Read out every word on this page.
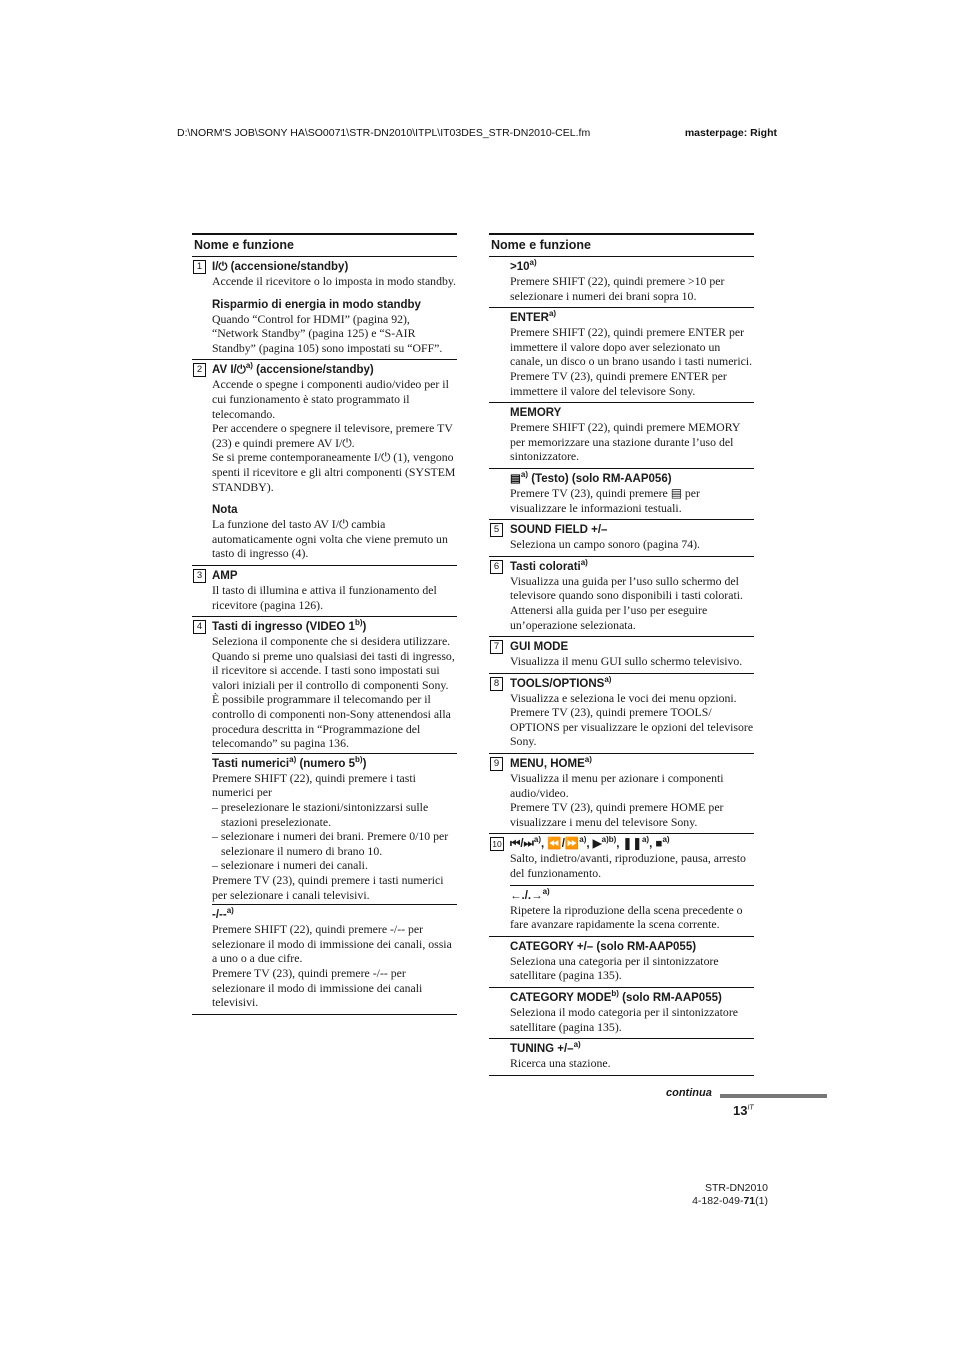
D:\NORM'S JOB\SONY HA\SO0071\STR-DN2010\ITPL\IT03DES_STR-DN2010-CEL.fm	masterpage: Right
Nome e funzione
1 I/⏻ (accensione/standby)
Accende il ricevitore o lo imposta in modo standby.
Risparmio di energia in modo standby
Quando “Control for HDMI” (pagina 92), “Network Standby” (pagina 125) e “S-AIR Standby” (pagina 105) sono impostati su “OFF”.
2 AV I/⏻$^{a)}$ (accensione/standby)
Accende o spegne i componenti audio/video per il cui funzionamento è stato programmato il telecomando.
Per accendere o spegnere il televisore, premere TV (23) e quindi premere AV I/⏻.
Se si preme contemporaneamente I/⏻ (1), vengono spenti il ricevitore e gli altri componenti (SYSTEM STANDBY).
Nota
La funzione del tasto AV I/⏻ cambia automaticamente ogni volta che viene premuto un tasto di ingresso (4).
3 AMP
Il tasto di illumina e attiva il funzionamento del ricevitore (pagina 126).
4 Tasti di ingresso (VIDEO 1$^{b)}$)
Seleziona il componente che si desidera utilizzare. Quando si preme uno qualsiasi dei tasti di ingresso, il ricevitore si accende. I tasti sono impostati sui valori iniziali per il controllo di componenti Sony. È possibile programmare il telecomando per il controllo di componenti non-Sony attenendosi alla procedura descritta in “Programmazione del telecomando” su pagina 136.
Tasti numerici$^{a)}$ (numero 5$^{b)}$)
Premere SHIFT (22), quindi premere i tasti numerici per
– preselezionare le stazioni/sintonizzarsi sulle stazioni preselezionate.
– selezionare i numeri dei brani. Premere 0/10 per selezionare il numero di brano 10.
– selezionare i numeri dei canali.
Premere TV (23), quindi premere i tasti numerici per selezionare i canali televisivi.
-/--$^{a)}$
Premere SHIFT (22), quindi premere -/-- per selezionare il modo di immissione dei canali, ossia a uno o a due cifre.
Premere TV (23), quindi premere -/-- per selezionare il modo di immissione dei canali televisivi.
Nome e funzione
$>10^{a)}$
Premere SHIFT (22), quindi premere >10 per selezionare i numeri dei brani sopra 10.
ENTER$^{a)}$
Premere SHIFT (22), quindi premere ENTER per immettere il valore dopo aver selezionato un canale, un disco o un brano usando i tasti numerici.
Premere TV (23), quindi premere ENTER per immettere il valore del televisore Sony.
MEMORY
Premere SHIFT (22), quindi premere MEMORY per memorizzare una stazione durante l’uso del sintonizzatore.
▤$^{a)}$ (Testo) (solo RM-AAP056)
Premere TV (23), quindi premere ▤ per visualizzare le informazioni testuali.
5 SOUND FIELD +/–
Seleziona un campo sonoro (pagina 74).
6 Tasti colorati$^{a)}$
Visualizza una guida per l’uso sullo schermo del televisore quando sono disponibili i tasti colorati. Attenersi alla guida per l’uso per eseguire un’operazione selezionata.
7 GUI MODE
Visualizza il menu GUI sullo schermo televisivo.
8 TOOLS/OPTIONS$^{a)}$
Visualizza e seleziona le voci dei menu opzioni.
Premere TV (23), quindi premere TOOLS/ OPTIONS per visualizzare le opzioni del televisore Sony.
9 MENU, HOME$^{a)}$
Visualizza il menu per azionare i componenti audio/video.
Premere TV (23), quindi premere HOME per visualizzare i menu del televisore Sony.
10 ⏮/⏭$^{a)}$, ⏪/⏩$^{a)}$, ▶$^{a)b)}$, ❚❚$^{a)}$, ■$^{a)}$
Salto, indietro/avanti, riproduzione, pausa, arresto del funzionamento.
←./.→$^{a)}$
Ripetere la riproduzione della scena precedente o fare avanzare rapidamente la scena corrente.
CATEGORY +/– (solo RM-AAP055)
Seleziona una categoria per il sintonizzatore satellitare (pagina 135).
CATEGORY MODE$^{b)}$ (solo RM-AAP055)
Seleziona il modo categoria per il sintonizzatore satellitare (pagina 135).
TUNING +/–$^{a)}$
Ricerca una stazione.
continua
$13^{IT}$
STR-DN2010
4-182-049-71(1)
